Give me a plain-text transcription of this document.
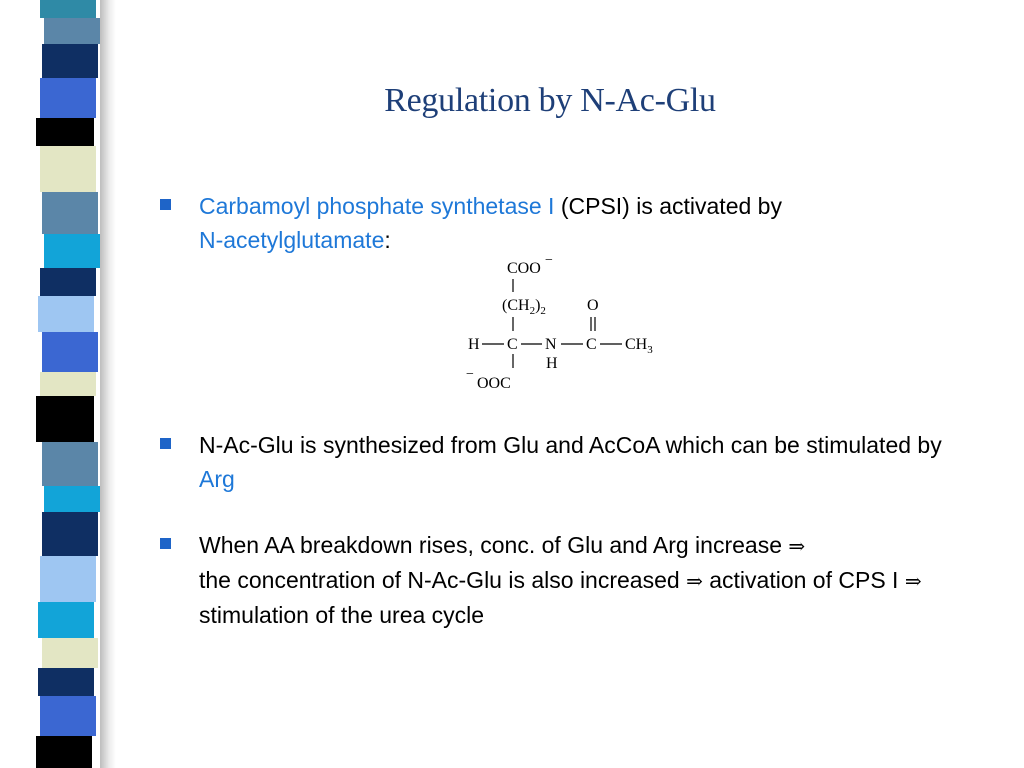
Regulation by N-Ac-Glu

Carbamoyl phosphate synthetase I (CPSI) is activated by
N-acetylglutamate:

COO −
$(CH_2)_2$	O
H C N C $CH_3$
H
−
OOC

N-Ac-Glu is synthesized from Glu and AcCoA which can be stimulated by Arg

When AA breakdown rises, conc. of Glu and Arg increase ⇒
the concentration of N-Ac-Glu is also increased ⇒ activation of CPS I ⇒ stimulation of the urea cycle
